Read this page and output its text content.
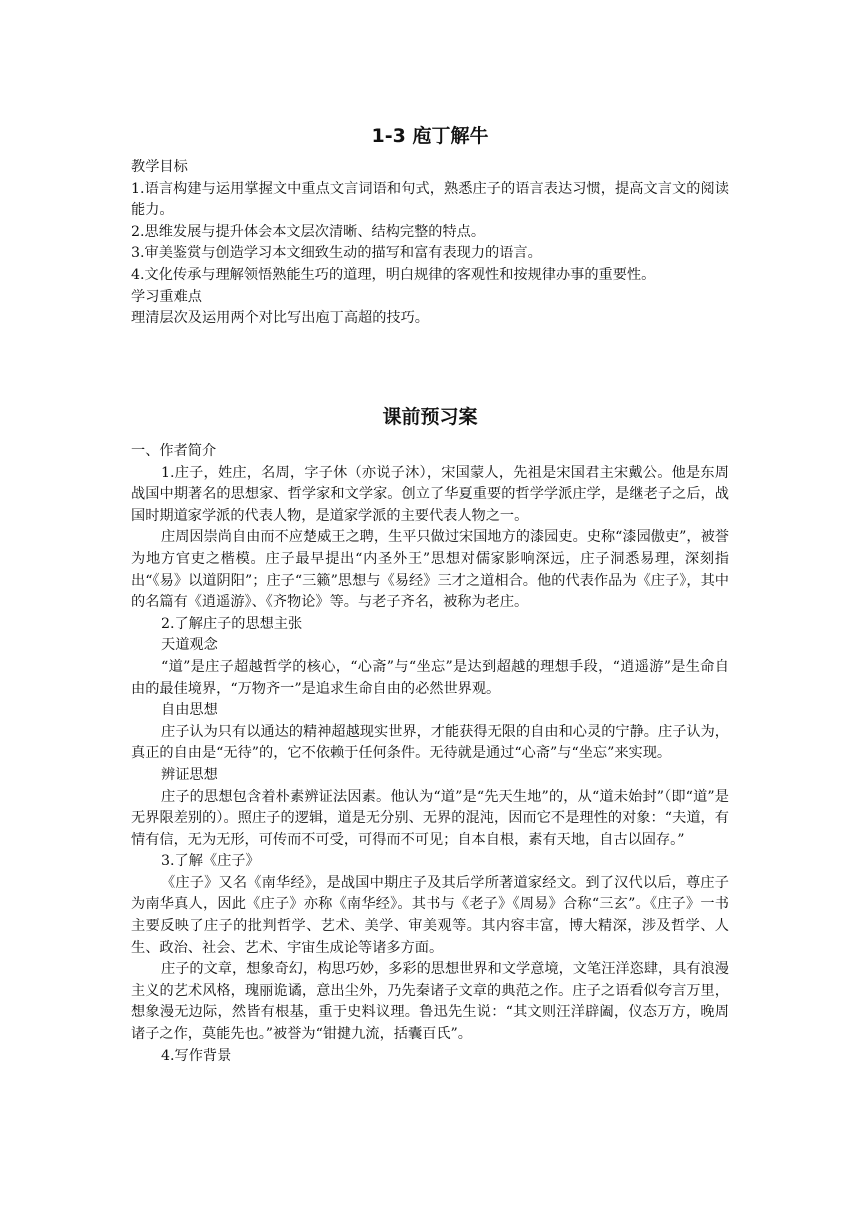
1-3 庖丁解牛

教学目标

1.语言构建与运用掌握文中重点文言词语和句式，熟悉庄子的语言表达习惯，提高文言文的阅读能力。

2.思维发展与提升体会本文层次清晰、结构完整的特点。

3.审美鉴赏与创造学习本文细致生动的描写和富有表现力的语言。

4.文化传承与理解领悟熟能生巧的道理，明白规律的客观性和按规律办事的重要性。

学习重难点

理清层次及运用两个对比写出庖丁高超的技巧。

课前预习案

一、作者简介

1.庄子，姓庄，名周，字子休（亦说子沐），宋国蒙人，先祖是宋国君主宋戴公。他是东周战国中期著名的思想家、哲学家和文学家。创立了华夏重要的哲学学派庄学，是继老子之后，战国时期道家学派的代表人物，是道家学派的主要代表人物之一。

庄周因崇尚自由而不应楚威王之聘，生平只做过宋国地方的漆园吏。史称“漆园傲吏”，被誉为地方官吏之楷模。庄子最早提出“内圣外王”思想对儒家影响深远，庄子洞悉易理，深刻指出“《易》以道阴阳”；庄子“三籁”思想与《易经》三才之道相合。他的代表作品为《庄子》，其中的名篇有《逍遥游》、《齐物论》等。与老子齐名，被称为老庄。

2.了解庄子的思想主张

天道观念

“道”是庄子超越哲学的核心，“心斋”与“坐忘”是达到超越的理想手段，“逍遥游”是生命自由的最佳境界，“万物齐一”是追求生命自由的必然世界观。

自由思想

庄子认为只有以通达的精神超越现实世界，才能获得无限的自由和心灵的宁静。庄子认为，真正的自由是“无待”的，它不依赖于任何条件。无待就是通过“心斋”与“坐忘”来实现。

辨证思想

庄子的思想包含着朴素辨证法因素。他认为“道”是“先天生地”的，从“道未始封”（即“道”是无界限差别的）。照庄子的逻辑，道是无分别、无界的混沌，因而它不是理性的对象：“夫道，有情有信，无为无形，可传而不可受，可得而不可见；自本自根，素有天地，自古以固存。”

3.了解《庄子》

《庄子》又名《南华经》，是战国中期庄子及其后学所著道家经文。到了汉代以后，尊庄子为南华真人，因此《庄子》亦称《南华经》。其书与《老子》《周易》合称“三玄”。《庄子》一书主要反映了庄子的批判哲学、艺术、美学、审美观等。其内容丰富，博大精深，涉及哲学、人生、政治、社会、艺术、宇宙生成论等诸多方面。

庄子的文章，想象奇幻，构思巧妙，多彩的思想世界和文学意境，文笔汪洋恣肆，具有浪漫主义的艺术风格，瑰丽诡谲，意出尘外，乃先秦诸子文章的典范之作。庄子之语看似夸言万里，想象漫无边际，然皆有根基，重于史料议理。鲁迅先生说：“其文则汪洋辟阖，仪态万方，晚周诸子之作，莫能先也。”被誉为“钳揵九流，括囊百氏”。

4.写作背景
